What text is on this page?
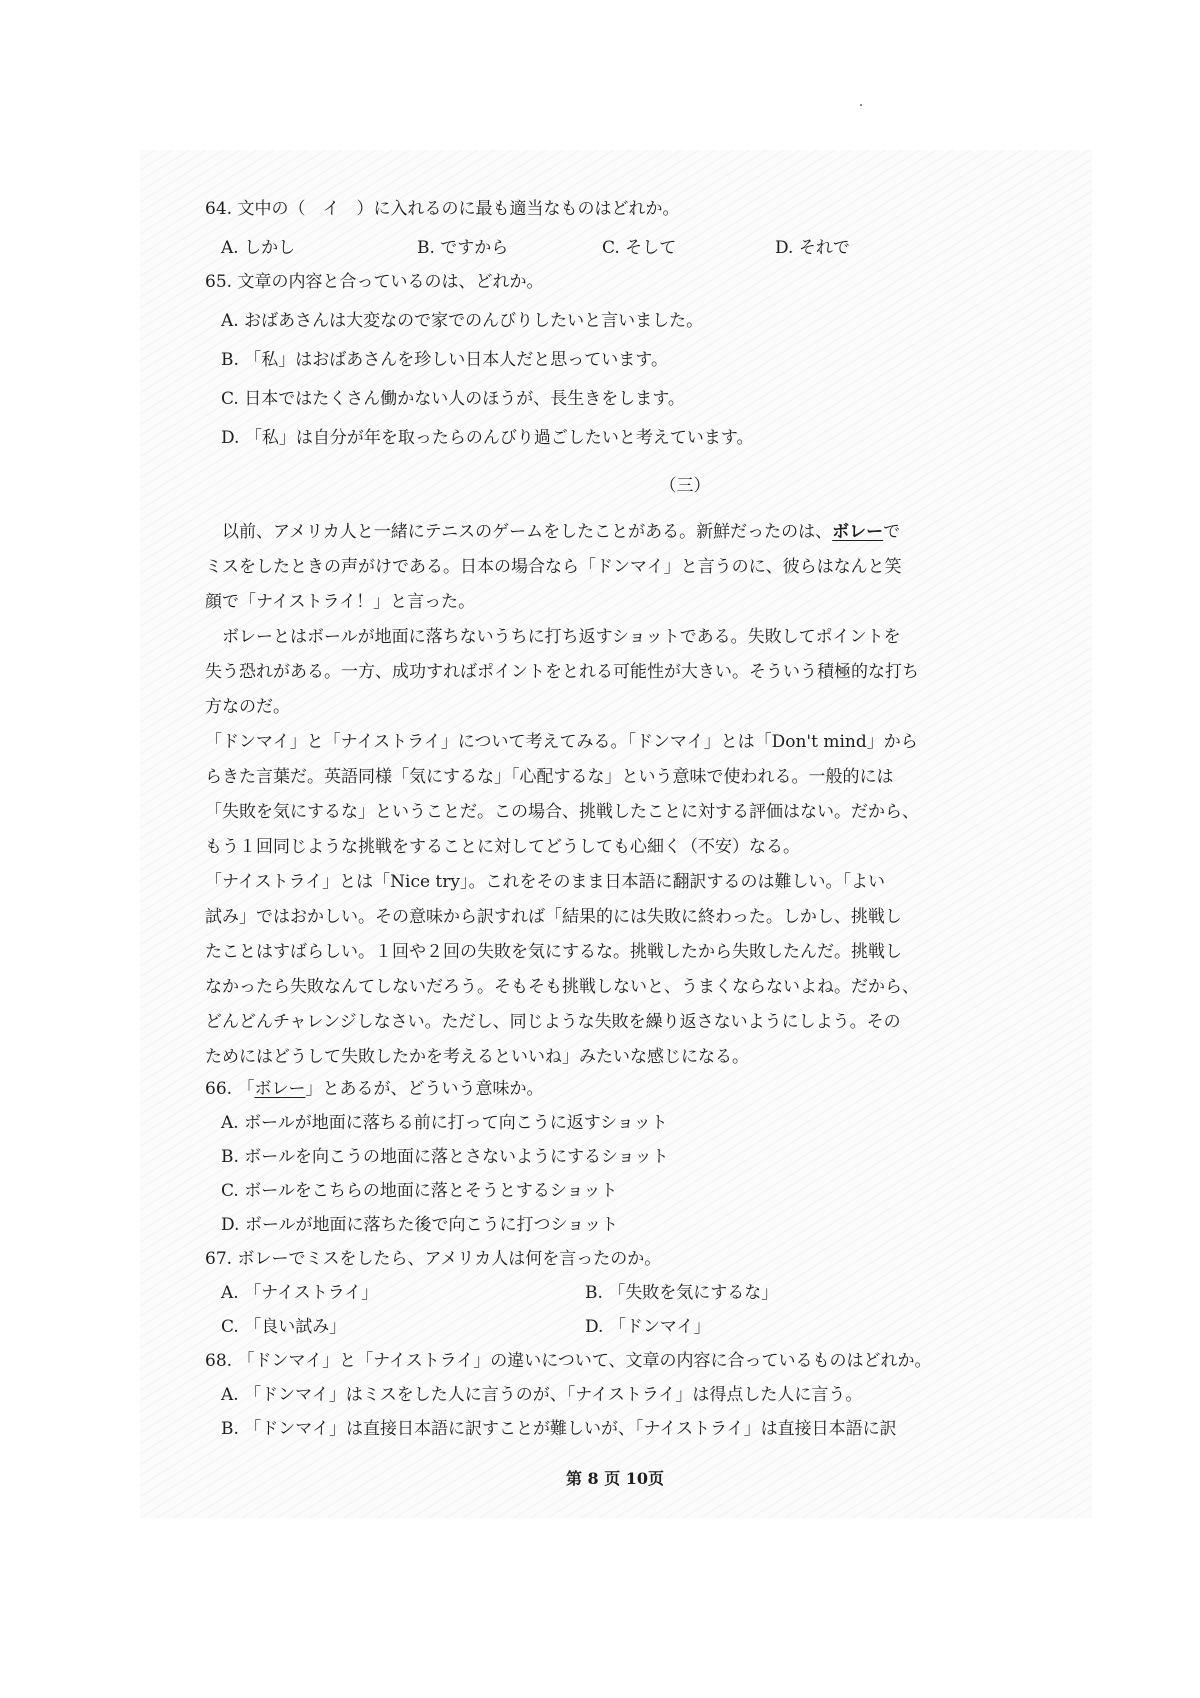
64. 文中の（　イ　）に入れるのに最も適当なものはどれか。
A. しかし	B. ですから	C. そして	D. それで
65. 文章の内容と合っているのは、どれか。
A. おばあさんは大変なので家でのんびりしたいと言いました。
B. 「私」はおばあさんを珍しい日本人だと思っています。
C. 日本ではたくさん働かない人のほうが、長生きをします。
D. 「私」は自分が年を取ったらのんびり過ごしたいと考えています。
（三）
以前、アメリカ人と一緒にテニスのゲームをしたことがある。新鮮だったのは、ボレーで
ミスをしたときの声がけである。日本の場合なら「ドンマイ」と言うのに、彼らはなんと笑
顔で「ナイストライ！」と言った。
ボレーとはボールが地面に落ちないうちに打ち返すショットである。失敗してポイントを
失う恐れがある。一方、成功すればポイントをとれる可能性が大きい。そういう積極的な打ち
方なのだ。
「ドンマイ」と「ナイストライ」について考えてみる。「ドンマイ」とは「Don't mind」から
らきた言葉だ。英語同様「気にするな」「心配するな」という意味で使われる。一般的には
「失敗を気にするな」ということだ。この場合、挑戦したことに対する評価はない。だから、
もう１回同じような挑戦をすることに対してどうしても心細く（不安）なる。
「ナイストライ」とは「Nice try」。これをそのまま日本語に翻訳するのは難しい。「よい
試み」ではおかしい。その意味から訳すれば「結果的には失敗に終わった。しかし、挑戦し
たことはすばらしい。１回や２回の失敗を気にするな。挑戦したから失敗したんだ。挑戦し
なかったら失敗なんてしないだろう。そもそも挑戦しないと、うまくならないよね。だから、
どんどんチャレンジしなさい。ただし、同じような失敗を繰り返さないようにしよう。その
ためにはどうして失敗したかを考えるといいね」みたいな感じになる。
66. 「ボレー」とあるが、どういう意味か。
A. ボールが地面に落ちる前に打って向こうに返すショット
B. ボールを向こうの地面に落とさないようにするショット
C. ボールをこちらの地面に落とそうとするショット
D. ボールが地面に落ちた後で向こうに打つショット
67. ボレーでミスをしたら、アメリカ人は何を言ったのか。
A. 「ナイストライ」	B. 「失敗を気にするな」
C. 「良い試み」	D. 「ドンマイ」
68. 「ドンマイ」と「ナイストライ」の違いについて、文章の内容に合っているものはどれか。
A. 「ドンマイ」はミスをした人に言うのが、「ナイストライ」は得点した人に言う。
B. 「ドンマイ」は直接日本語に訳すことが難しいが、「ナイストライ」は直接日本語に訳
第 8 页 10页
